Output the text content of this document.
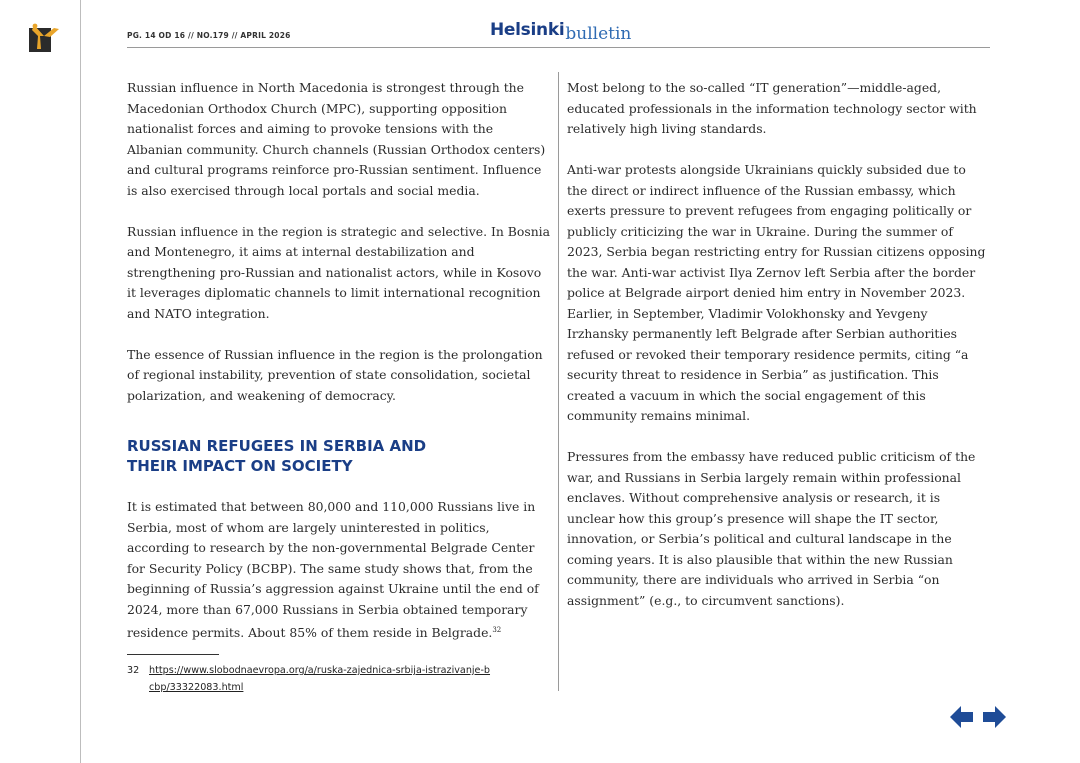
PG. 14 OD 16 // NO.179 // APRIL 2026	Helsinkibulletin

Russian influence in North Macedonia is strongest through the Macedonian Orthodox Church (MPC), supporting opposition nationalist forces and aiming to provoke tensions with the Albanian community. Church channels (Russian Orthodox centers) and cultural programs reinforce pro-Russian sentiment. Influence is also exercised through local portals and social media.

Russian influence in the region is strategic and selective. In Bosnia and Montenegro, it aims at internal destabilization and strengthening pro-Russian and nationalist actors, while in Kosovo it leverages diplomatic channels to limit international recognition and NATO integration.

The essence of Russian influence in the region is the prolongation of regional instability, prevention of state consolidation, societal polarization, and weakening of democracy.

RUSSIAN REFUGEES IN SERBIA AND THEIR IMPACT ON SOCIETY

It is estimated that between 80,000 and 110,000 Russians live in Serbia, most of whom are largely uninterested in politics, according to research by the non-governmental Belgrade Center for Security Policy (BCBP). The same study shows that, from the beginning of Russia’s aggression against Ukraine until the end of 2024, more than 67,000 Russians in Serbia obtained temporary residence permits. About 85% of them reside in Belgrade.$^{32}$

Most belong to the so-called “IT generation”—middle-aged, educated professionals in the information technology sector with relatively high living standards.

Anti-war protests alongside Ukrainians quickly subsided due to the direct or indirect influence of the Russian embassy, which exerts pressure to prevent refugees from engaging politically or publicly criticizing the war in Ukraine. During the summer of 2023, Serbia began restricting entry for Russian citizens opposing the war. Anti-war activist Ilya Zernov left Serbia after the border police at Belgrade airport denied him entry in November 2023. Earlier, in September, Vladimir Volokhonsky and Yevgeny Irzhansky permanently left Belgrade after Serbian authorities refused or revoked their temporary residence permits, citing “a security threat to residence in Serbia” as justification. This created a vacuum in which the social engagement of this community remains minimal.

Pressures from the embassy have reduced public criticism of the war, and Russians in Serbia largely remain within professional enclaves. Without comprehensive analysis or research, it is unclear how this group’s presence will shape the IT sector, innovation, or Serbia’s political and cultural landscape in the coming years. It is also plausible that within the new Russian community, there are individuals who arrived in Serbia “on assignment” (e.g., to circumvent sanctions).

32 https://www.slobodnaevropa.org/a/ruska-zajednica-srbija-istrazivanje-bcbp/33322083.html
